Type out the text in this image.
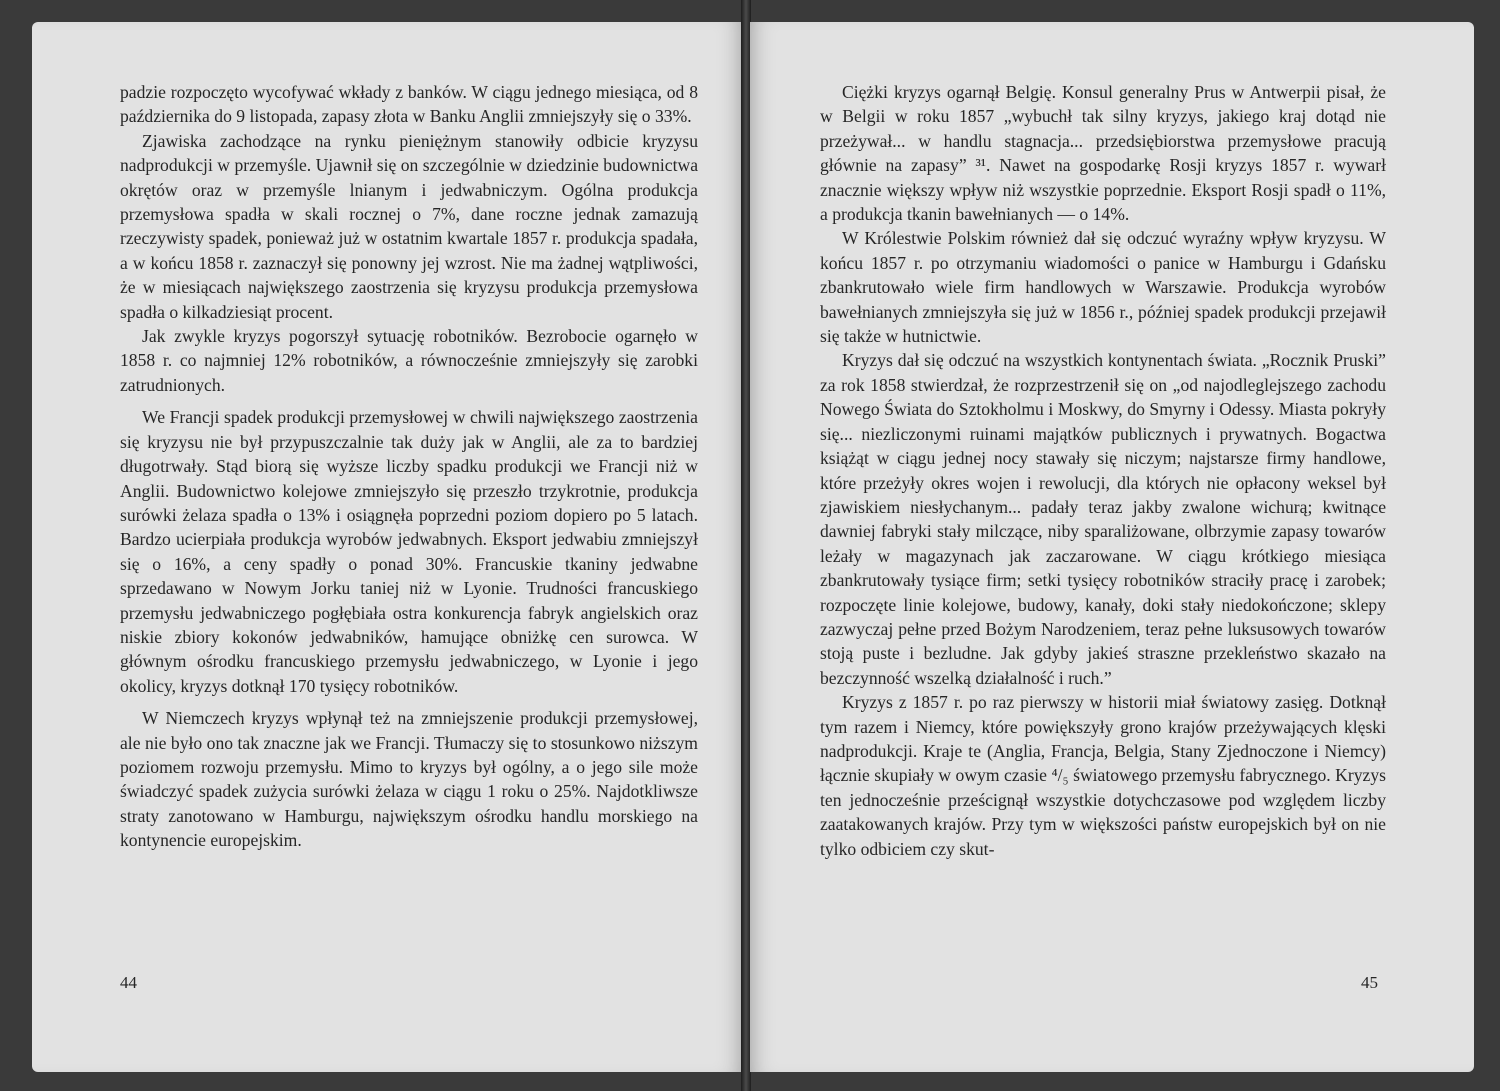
padzie rozpoczęto wycofywać wkłady z banków. W ciągu jednego miesiąca, od 8 października do 9 listopada, zapasy złota w Banku Anglii zmniejszyły się o 33%.

Zjawiska zachodzące na rynku pieniężnym stanowiły odbicie kryzysu nadprodukcji w przemyśle. Ujawnił się on szczególnie w dziedzinie budownictwa okrętów oraz w przemyśle lnianym i jedwabniczym. Ogólna produkcja przemysłowa spadła w skali rocznej o 7%, dane roczne jednak zamazują rzeczywisty spadek, ponieważ już w ostatnim kwartale 1857 r. produkcja spadała, a w końcu 1858 r. zaznaczył się ponowny jej wzrost. Nie ma żadnej wątpliwości, że w miesiącach największego zaostrzenia się kryzysu produkcja przemysłowa spadła o kilkadziesiąt procent.

Jak zwykle kryzys pogorszył sytuację robotników. Bezrobocie ogarnęło w 1858 r. co najmniej 12% robotników, a równocześnie zmniejszyły się zarobki zatrudnionych.

We Francji spadek produkcji przemysłowej w chwili największego zaostrzenia się kryzysu nie był przypuszczalnie tak duży jak w Anglii, ale za to bardziej długotrwały. Stąd biorą się wyższe liczby spadku produkcji we Francji niż w Anglii. Budownictwo kolejowe zmniejszyło się przeszło trzykrotnie, produkcja surówki żelaza spadła o 13% i osiągnęła poprzedni poziom dopiero po 5 latach. Bardzo ucierpiała produkcja wyrobów jedwabnych. Eksport jedwabiu zmniejszył się o 16%, a ceny spadły o ponad 30%. Francuskie tkaniny jedwabne sprzedawano w Nowym Jorku taniej niż w Lyonie. Trudności francuskiego przemysłu jedwabniczego pogłębiała ostra konkurencja fabryk angielskich oraz niskie zbiory kokonów jedwabników, hamujące obniżkę cen surowca. W głównym ośrodku francuskiego przemysłu jedwabniczego, w Lyonie i jego okolicy, kryzys dotknął 170 tysięcy robotników.

W Niemczech kryzys wpłynął też na zmniejszenie produkcji przemysłowej, ale nie było ono tak znaczne jak we Francji. Tłumaczy się to stosunkowo niższym poziomem rozwoju przemysłu. Mimo to kryzys był ogólny, a o jego sile może świadczyć spadek zużycia surówki żelaza w ciągu 1 roku o 25%. Najdotkliwsze straty zanotowano w Hamburgu, największym ośrodku handlu morskiego na kontynencie europejskim.

44

Ciężki kryzys ogarnął Belgię. Konsul generalny Prus w Antwerpii pisał, że w Belgii w roku 1857 „wybuchł tak silny kryzys, jakiego kraj dotąd nie przeżywał... w handlu stagnacja... przedsiębiorstwa przemysłowe pracują głównie na zapasy” ³¹. Nawet na gospodarkę Rosji kryzys 1857 r. wywarł znacznie większy wpływ niż wszystkie poprzednie. Eksport Rosji spadł o 11%, a produkcja tkanin bawełnianych — o 14%.

W Królestwie Polskim również dał się odczuć wyraźny wpływ kryzysu. W końcu 1857 r. po otrzymaniu wiadomości o panice w Hamburgu i Gdańsku zbankrutowało wiele firm handlowych w Warszawie. Produkcja wyrobów bawełnianych zmniejszyła się już w 1856 r., później spadek produkcji przejawił się także w hutnictwie.

Kryzys dał się odczuć na wszystkich kontynentach świata. „Rocznik Pruski” za rok 1858 stwierdzał, że rozprzestrzenił się on „od najodleglejszego zachodu Nowego Świata do Sztokholmu i Moskwy, do Smyrny i Odessy. Miasta pokryły się... niezliczonymi ruinami majątków publicznych i prywatnych. Bogactwa książąt w ciągu jednej nocy stawały się niczym; najstarsze firmy handlowe, które przeżyły okres wojen i rewolucji, dla których nie opłacony weksel był zjawiskiem niesłychanym... padały teraz jakby zwalone wichurą; kwitnące dawniej fabryki stały milczące, niby sparaliżowane, olbrzymie zapasy towarów leżały w magazynach jak zaczarowane. W ciągu krótkiego miesiąca zbankrutowały tysiące firm; setki tysięcy robotników straciły pracę i zarobek; rozpoczęte linie kolejowe, budowy, kanały, doki stały niedokończone; sklepy zazwyczaj pełne przed Bożym Narodzeniem, teraz pełne luksusowych towarów stoją puste i bezludne. Jak gdyby jakieś straszne przekleństwo skazało na bezczynność wszelką działalność i ruch.”

Kryzys z 1857 r. po raz pierwszy w historii miał światowy zasięg. Dotknął tym razem i Niemcy, które powiększyły grono krajów przeżywających klęski nadprodukcji. Kraje te (Anglia, Francja, Belgia, Stany Zjednoczone i Niemcy) łącznie skupiały w owym czasie ⁴/₅ światowego przemysłu fabrycznego. Kryzys ten jednocześnie prześcignął wszystkie dotychczasowe pod względem liczby zaatakowanych krajów. Przy tym w większości państw europejskich był on nie tylko odbiciem czy skut-

45
